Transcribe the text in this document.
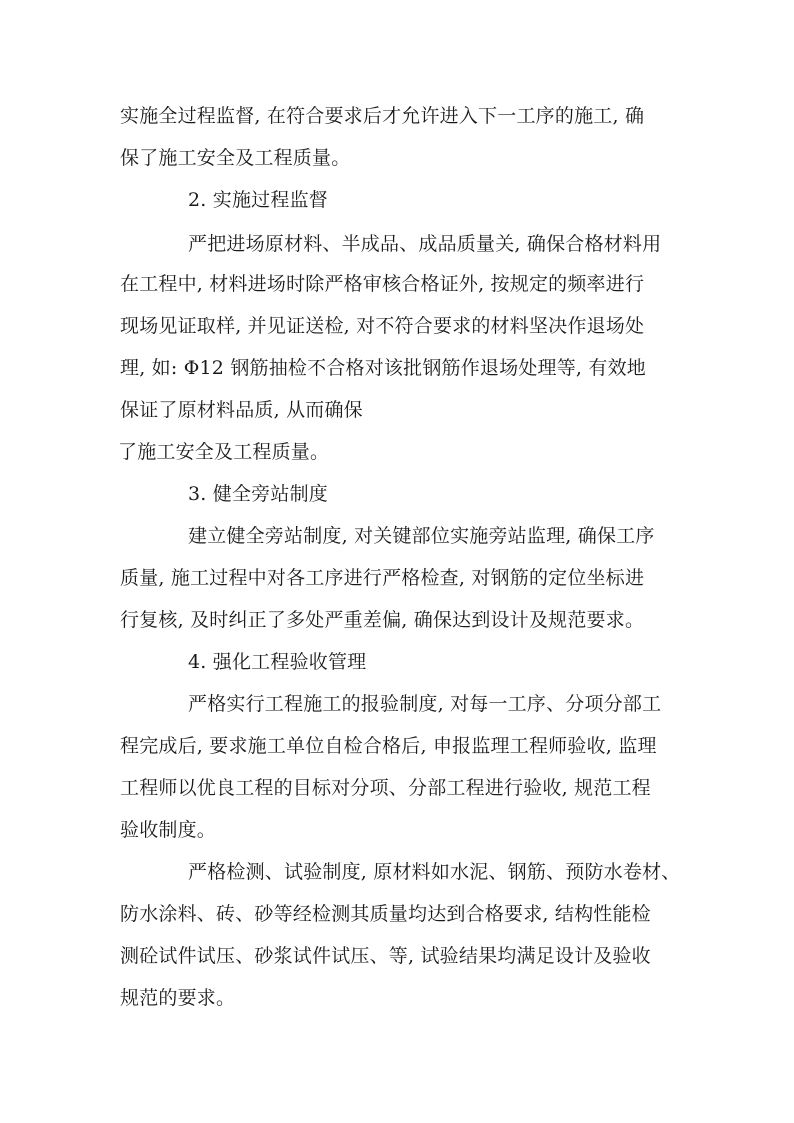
实施全过程监督, 在符合要求后才允许进入下一工序的施工, 确
保了施工安全及工程质量。
2. 实施过程监督
严把进场原材料、半成品、成品质量关, 确保合格材料用
在工程中, 材料进场时除严格审核合格证外, 按规定的频率进行
现场见证取样, 并见证送检, 对不符合要求的材料坚决作退场处
理, 如: Φ12 钢筋抽检不合格对该批钢筋作退场处理等, 有效地
保证了原材料品质, 从而确保
了施工安全及工程质量。
3. 健全旁站制度
建立健全旁站制度, 对关键部位实施旁站监理, 确保工序
质量, 施工过程中对各工序进行严格检查, 对钢筋的定位坐标进
行复核, 及时纠正了多处严重差偏, 确保达到设计及规范要求。
4. 强化工程验收管理
严格实行工程施工的报验制度, 对每一工序、分项分部工
程完成后, 要求施工单位自检合格后, 申报监理工程师验收, 监理
工程师以优良工程的目标对分项、分部工程进行验收, 规范工程
验收制度。
严格检测、试验制度, 原材料如水泥、钢筋、预防水卷材、
防水涂料、砖、砂等经检测其质量均达到合格要求, 结构性能检
测砼试件试压、砂浆试件试压、等, 试验结果均满足设计及验收
规范的要求。
